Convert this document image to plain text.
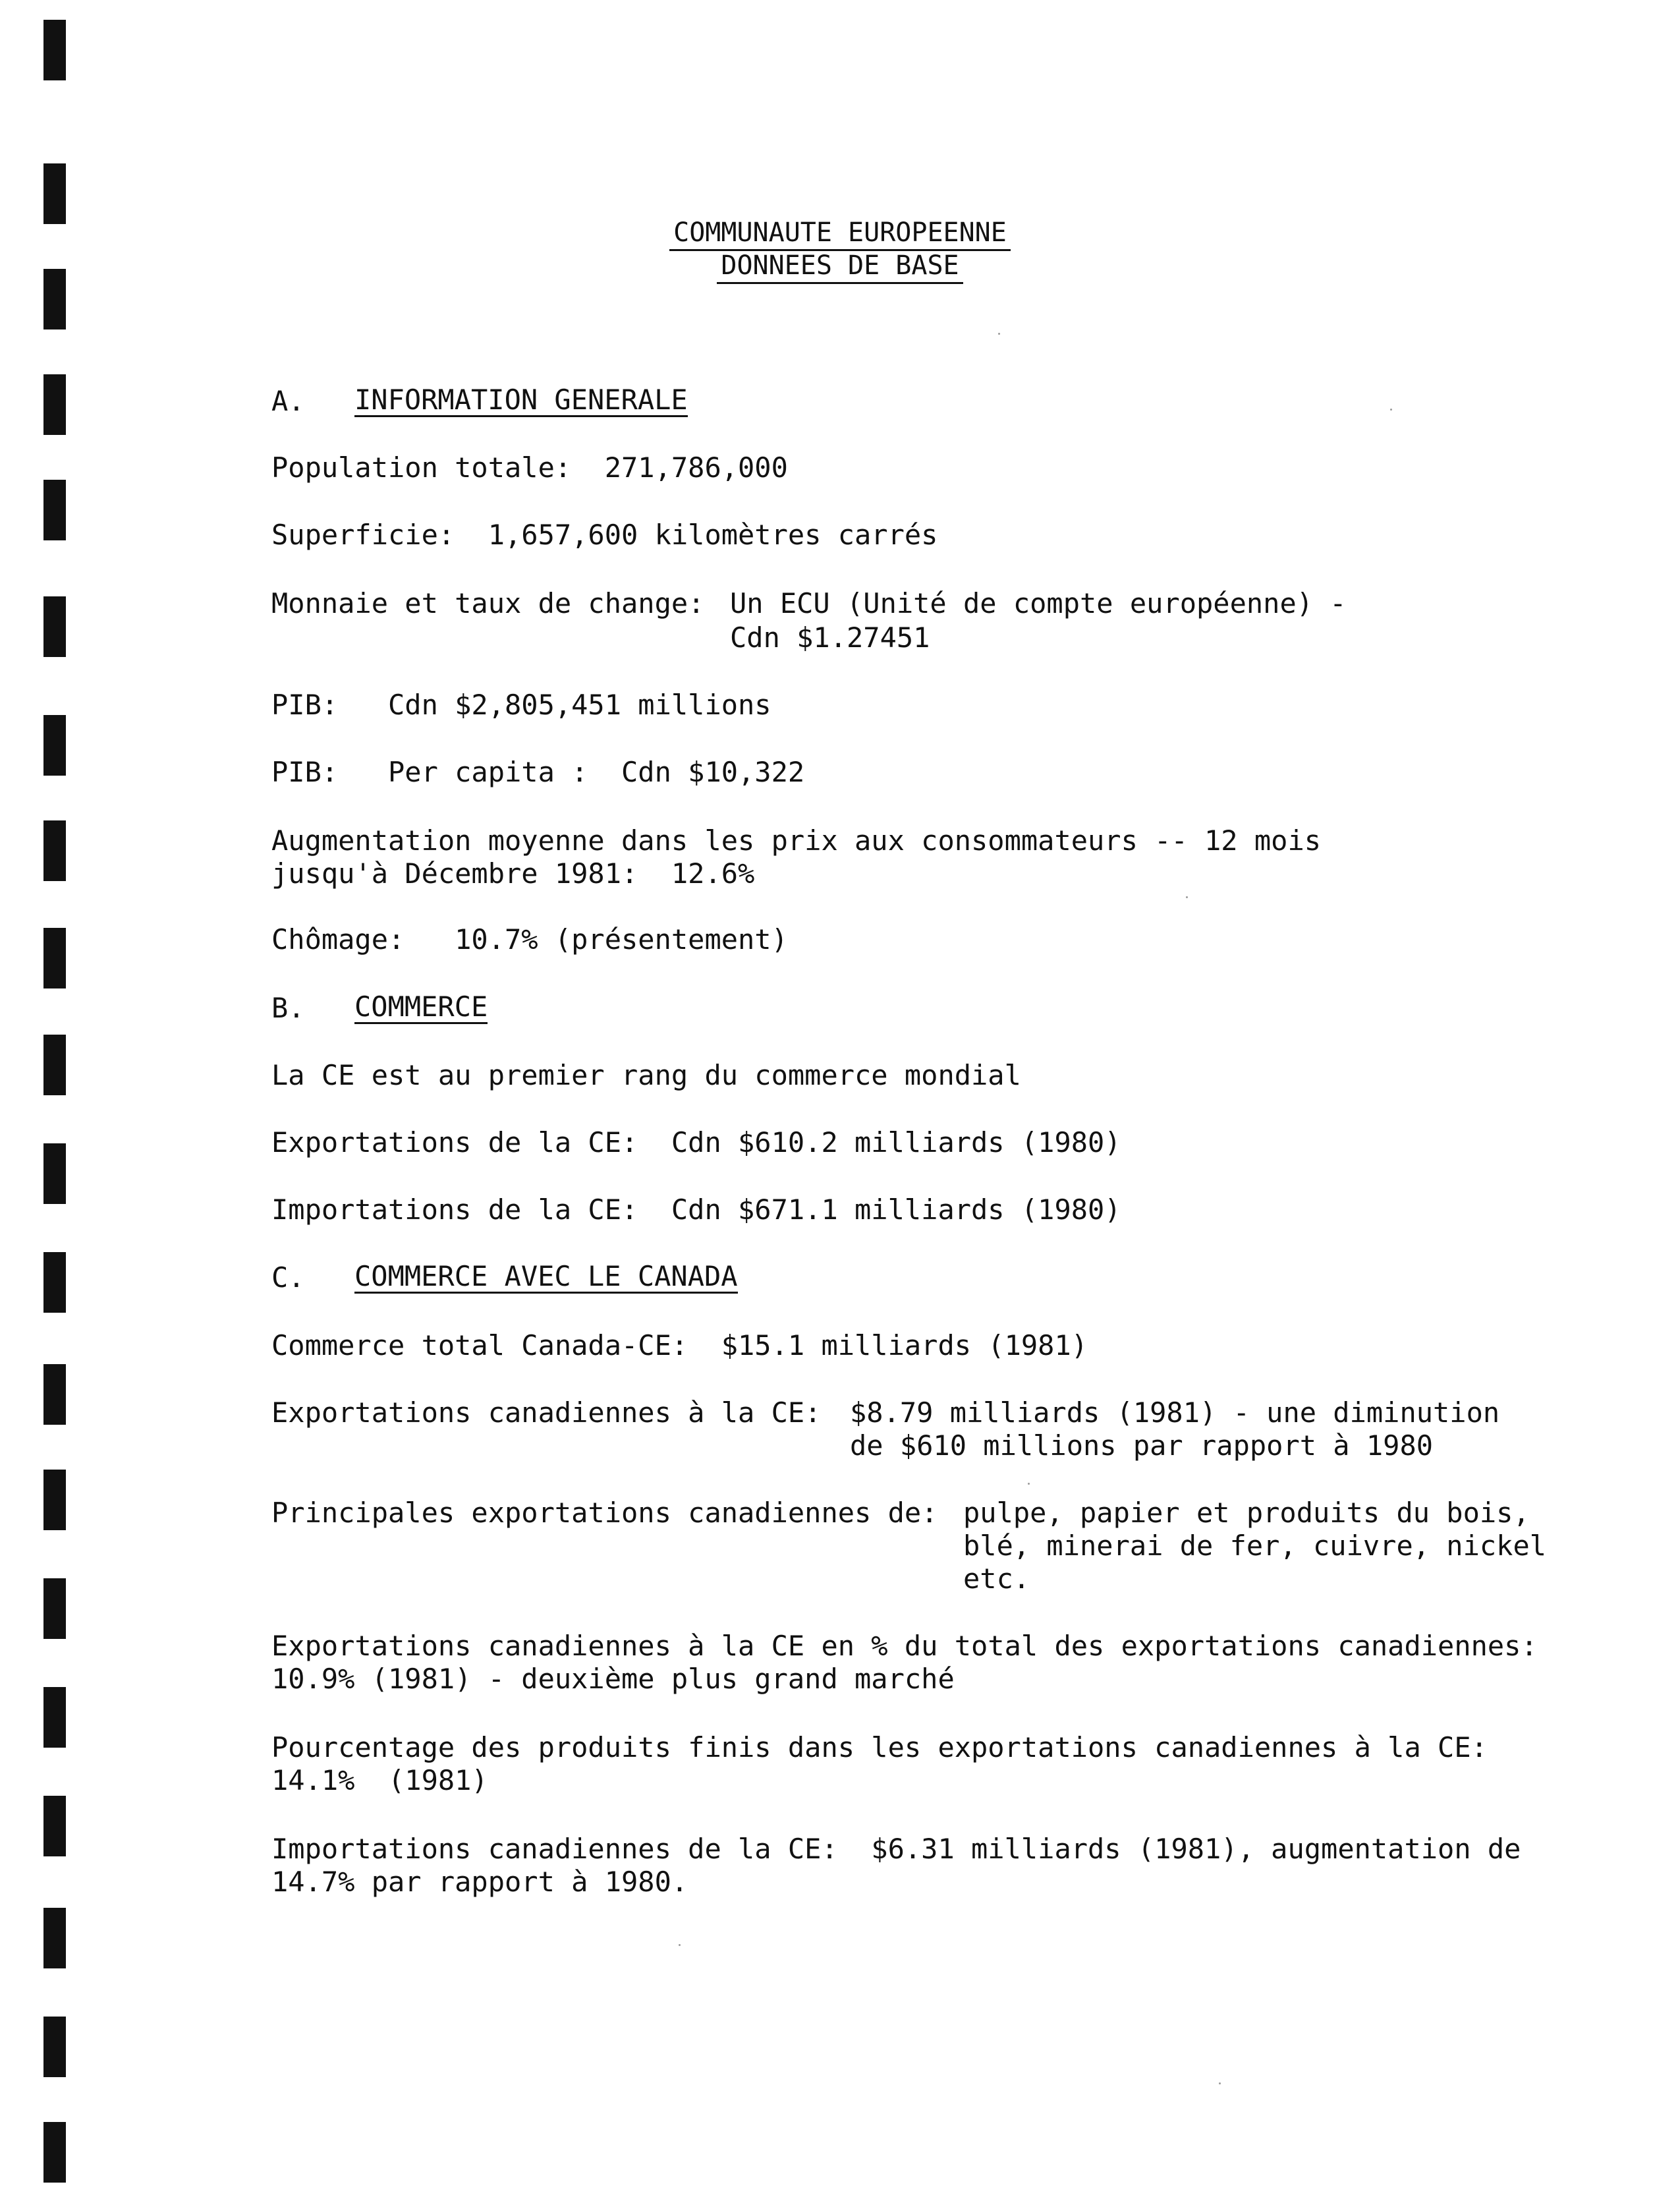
COMMUNAUTE EUROPEENNE
DONNEES DE BASE
A. INFORMATION GENERALE
Population totale:  271,786,000
Superficie:  1,657,600 kilomètres carrés
Monnaie et taux de change: Un ECU (Unité de compte européenne) -
Cdn $1.27451
PIB:   Cdn $2,805,451 millions
PIB:   Per capita :  Cdn $10,322
Augmentation moyenne dans les prix aux consommateurs -- 12 mois
jusqu'à Décembre 1981:  12.6%
Chômage:   10.7% (présentement)
B. COMMERCE
La CE est au premier rang du commerce mondial
Exportations de la CE:  Cdn $610.2 milliards (1980)
Importations de la CE:  Cdn $671.1 milliards (1980)
C. COMMERCE AVEC LE CANADA
Commerce total Canada-CE:  $15.1 milliards (1981)
Exportations canadiennes à la CE: $8.79 milliards (1981) - une diminution
de $610 millions par rapport à 1980
Principales exportations canadiennes de: pulpe, papier et produits du bois,
blé, minerai de fer, cuivre, nickel
etc.
Exportations canadiennes à la CE en % du total des exportations canadiennes:
10.9% (1981) - deuxième plus grand marché
Pourcentage des produits finis dans les exportations canadiennes à la CE:
14.1%  (1981)
Importations canadiennes de la CE:  $6.31 milliards (1981), augmentation de
14.7% par rapport à 1980.
